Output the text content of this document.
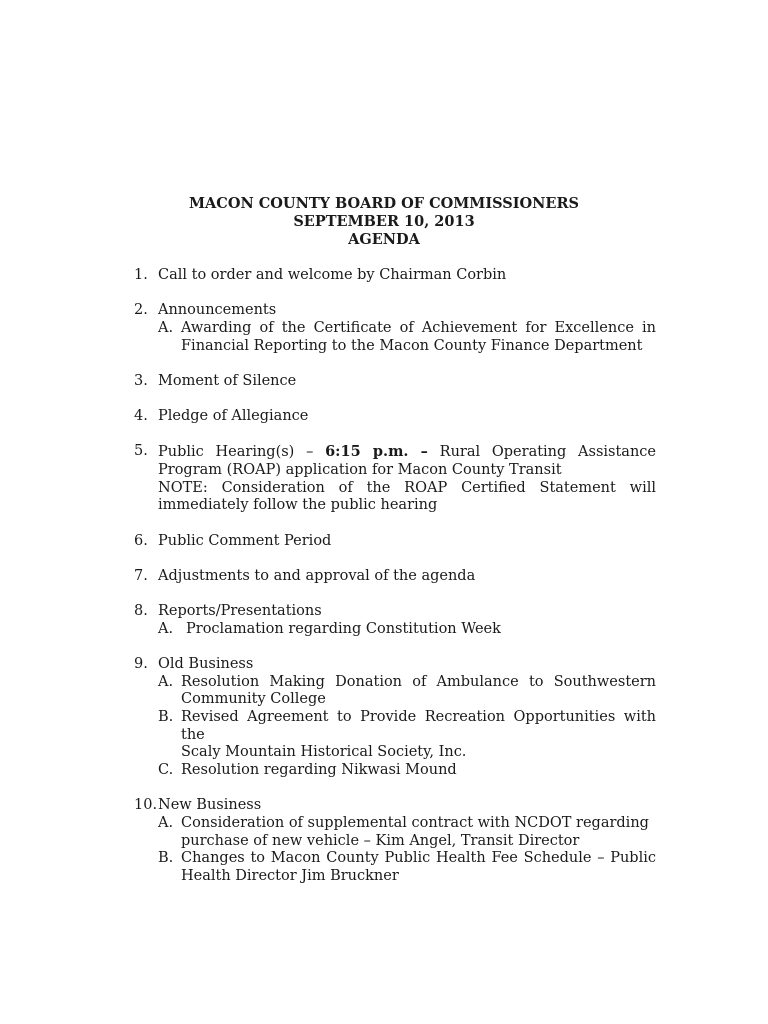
MACON COUNTY BOARD OF COMMISSIONERS
SEPTEMBER 10, 2013
AGENDA
1. Call to order and welcome by Chairman Corbin
2. Announcements
A. Awarding of the Certificate of Achievement for Excellence in
Financial Reporting to the Macon County Finance Department
3. Moment of Silence
4. Pledge of Allegiance
5. Public Hearing(s) – 6:15 p.m. – Rural Operating Assistance
Program (ROAP) application for Macon County Transit
NOTE: Consideration of the ROAP Certified Statement will
immediately follow the public hearing
6. Public Comment Period
7. Adjustments to and approval of the agenda
8. Reports/Presentations
A. Proclamation regarding Constitution Week
9. Old Business
A. Resolution Making Donation of Ambulance to Southwestern
Community College
B. Revised Agreement to Provide Recreation Opportunities with the
Scaly Mountain Historical Society, Inc.
C. Resolution regarding Nikwasi Mound
10. New Business
A. Consideration of supplemental contract with NCDOT regarding
purchase of new vehicle – Kim Angel, Transit Director
B. Changes to Macon County Public Health Fee Schedule – Public
Health Director Jim Bruckner
